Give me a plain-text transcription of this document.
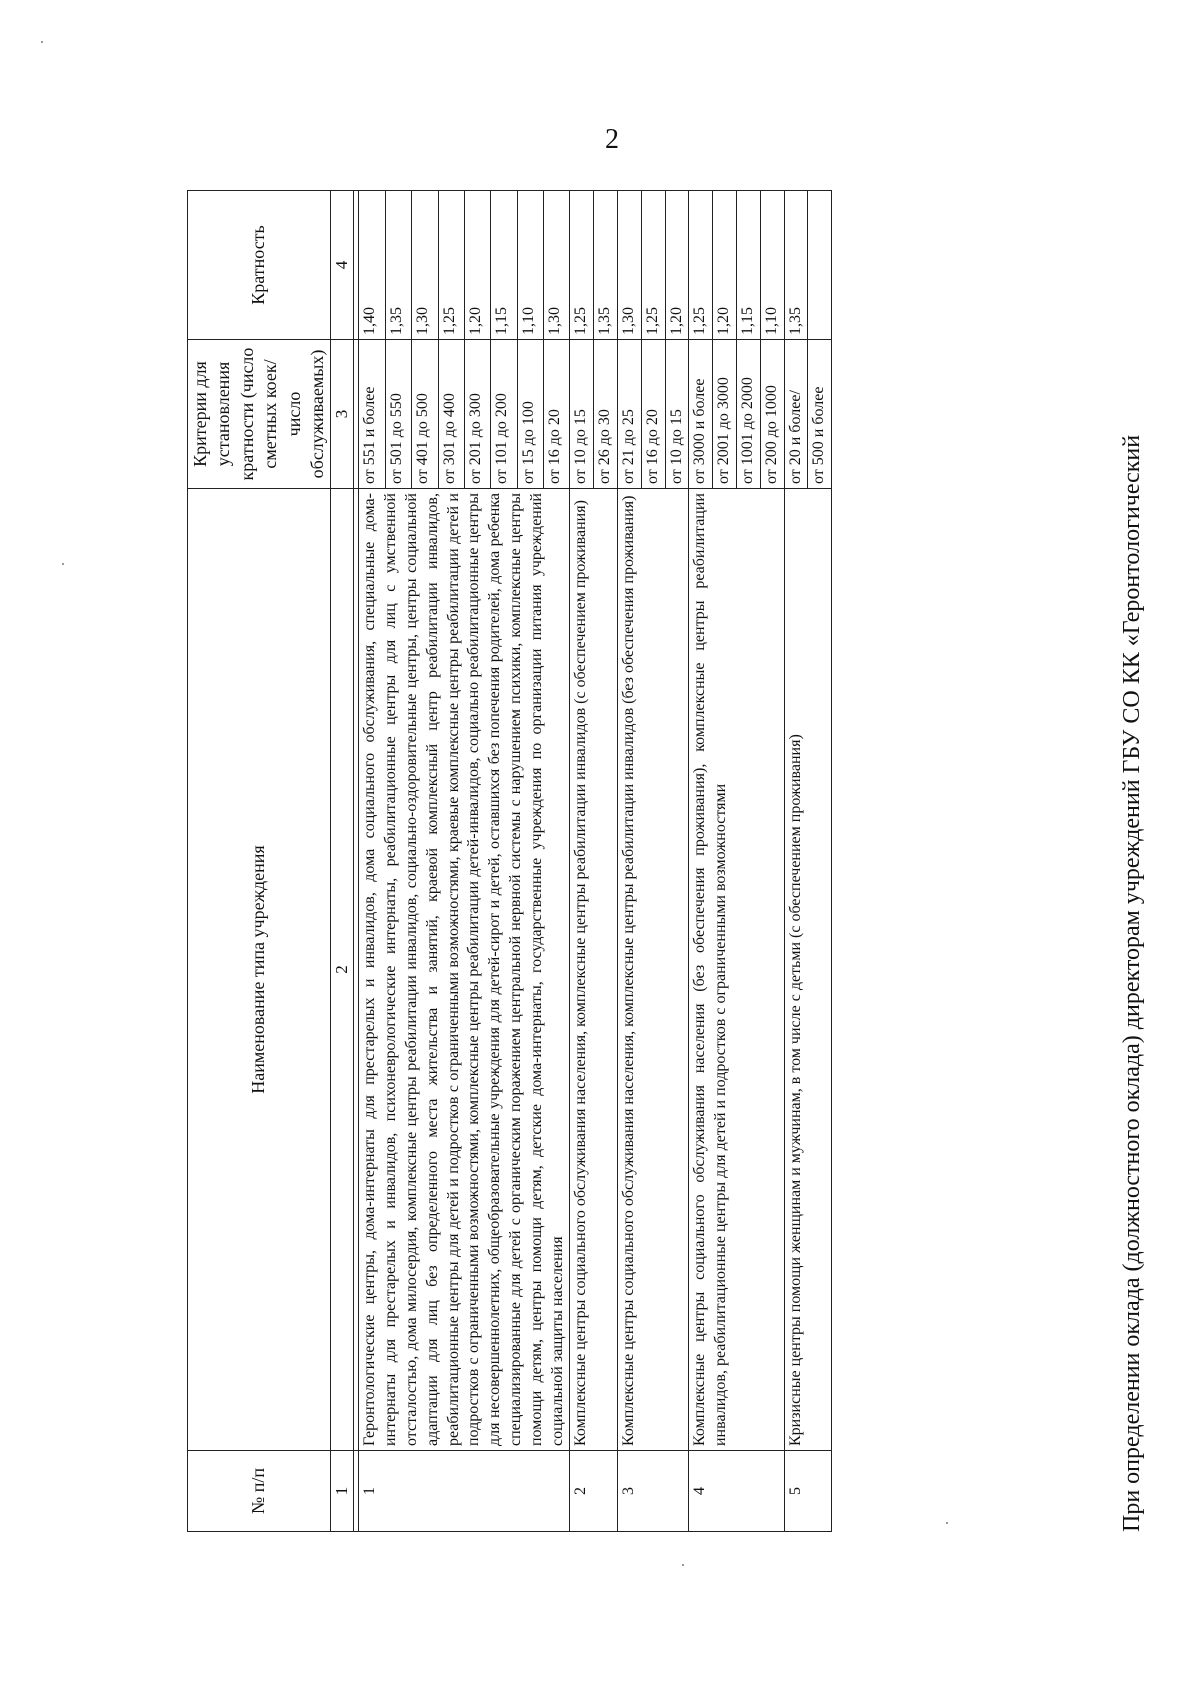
2
№ п/п	Наименование типа учреждения	Критерии для установления кратности (число сметных коек/число обслуживаемых)	Кратность
1	2	3	4

1	Геронтологические центры, дома-интернаты для престарелых и инвалидов, дома социального обслуживания, специальные дома-интернаты для престарелых и инвалидов, психоневрологические интернаты, реабилитационные центры для лиц с умственной отсталостью, дома милосердия, комплексные центры реабилитации инвалидов, социально-оздоровительные центры, центры социальной адаптации для лиц без определенного места жительства и занятий, краевой комплексный центр реабилитации инвалидов, реабилитационные центры для детей и подростков с ограниченными возможностями, краевые комплексные центры реабилитации детей и подростков с ограниченными возможностями, комплексные центры реабилитации детей-инвалидов, социально реабилитационные центры для несовершеннолетних, общеобразовательные учреждения для детей-сирот и детей, оставшихся без попечения родителей, дома ребенка специализированные для детей с органическим поражением центральной нервной системы с нарушением психики, комплексные центры помощи детям, центры помощи детям, детские дома-интернаты, государственные учреждения по организации питания учреждений социальной защиты населения	от 551 и более	1,40
		от 501 до 550	1,35
		от 401 до 500	1,30
		от 301 до 400	1,25
		от 201 до 300	1,20
		от 101 до 200	1,15
		от 15 до 100	1,10
		от 16 до 20	1,30
2	Комплексные центры социального обслуживания населения, комплексные центры реабилитации инвалидов (с обеспечением проживания)	от 10 до 15	1,25
		от 26 до 30	1,35
3	Комплексные центры социального обслуживания населения, комплексные центры реабилитации инвалидов (без обеспечения проживания)	от 21 до 25	1,30
		от 16 до 20	1,25
		от 10 до 15	1,20
4	Комплексные центры социального обслуживания населения (без обеспечения проживания), комплексные центры реабилитации инвалидов, реабилитационные центры для детей и подростков с ограниченными возможностями	от 3000 и более	1,25
		от 2001 до 3000	1,20
		от 1001 до 2000	1,15
		от 200 до 1000	1,10
5	Кризисные центры помощи женщинам и мужчинам, в том числе с детьми (с обеспечением проживания)	от 20 и более/	1,35
		от 500 и более		При определении оклада (должностного оклада) директорам учреждений ГБУ СО КК «Геронтологический
